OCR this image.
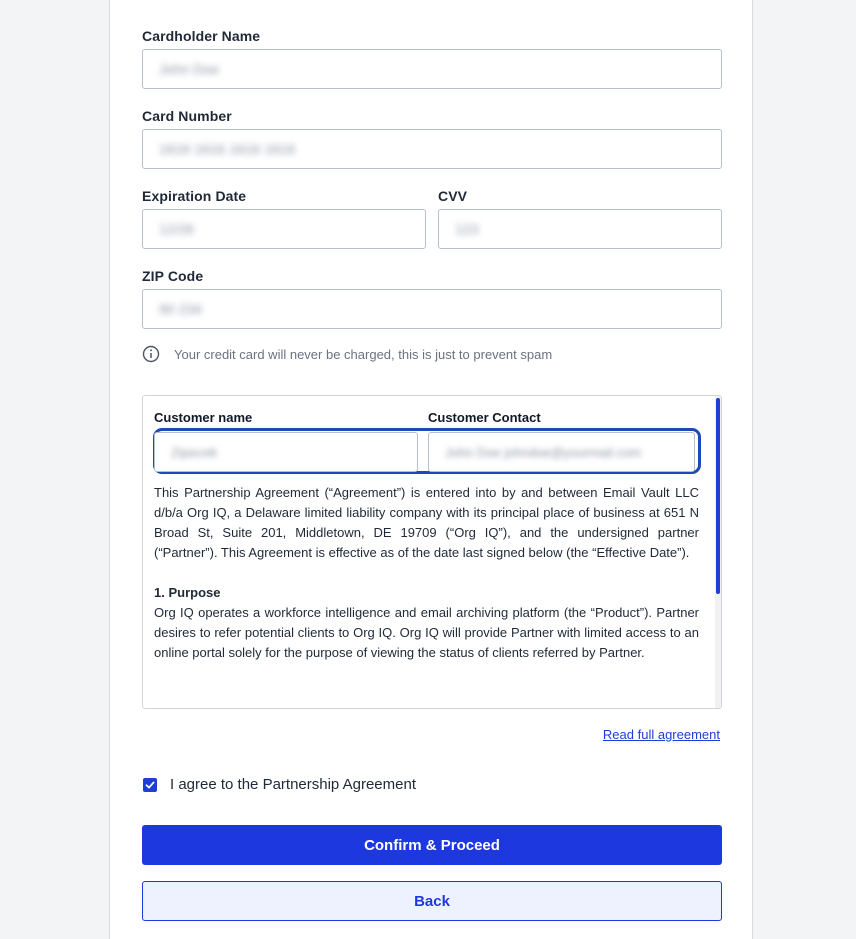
Cardholder Name
John Doe
Card Number
1616 1616 1616 1616
Expiration Date
12/26
CVV
123
ZIP Code
90 234
Your credit card will never be charged, this is just to prevent spam
Customer name	Customer Contact
Zipscott	John Doe johndoe@yourmail.com

This Partnership Agreement (“Agreement”) is entered into by and between Email Vault LLC d/b/a Org IQ, a Delaware limited liability company with its principal place of business at 651 N Broad St, Suite 201, Middletown, DE 19709 (“Org IQ”), and the undersigned partner (“Partner”). This Agreement is effective as of the date last signed below (the “Effective Date”).

1. Purpose

Org IQ operates a workforce intelligence and email archiving platform (the “Product”). Partner desires to refer potential clients to Org IQ. Org IQ will provide Partner with limited access to an online portal solely for the purpose of viewing the status of clients referred by Partner.

Read full agreement
I agree to the Partnership Agreement
Confirm & Proceed
Back
